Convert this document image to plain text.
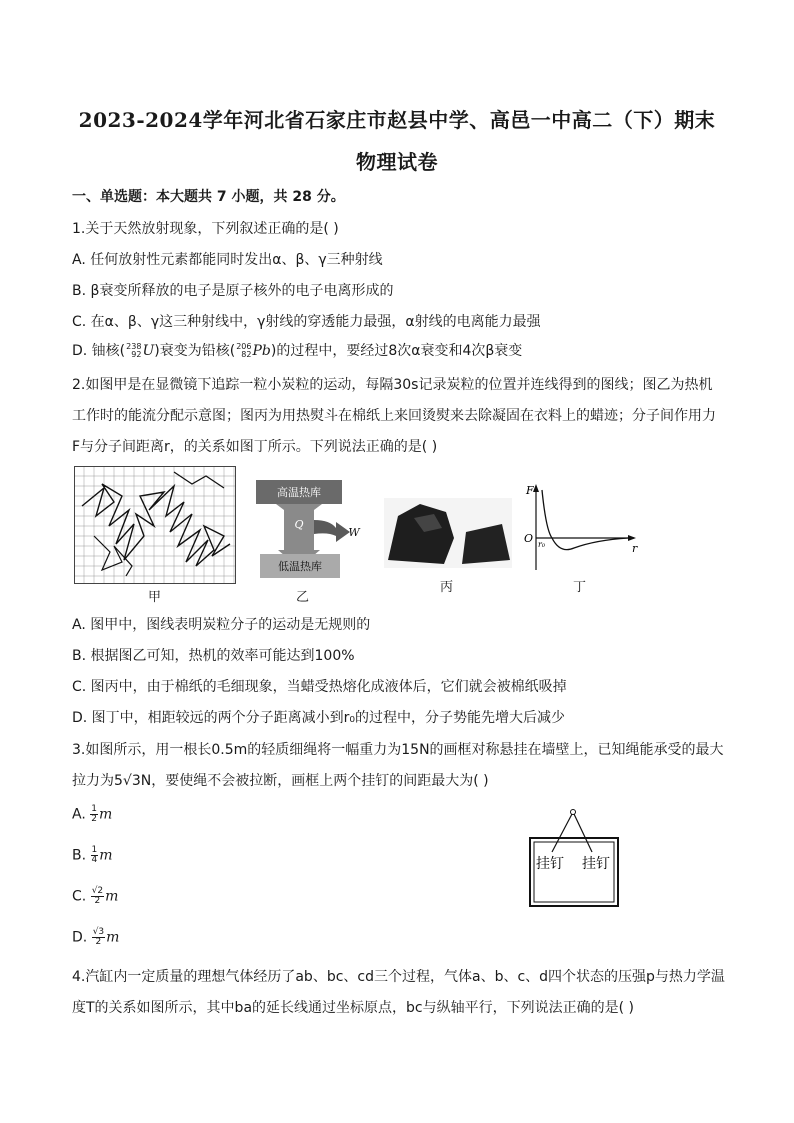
2023-2024学年河北省石家庄市赵县中学、高邑一中高二（下）期末
物理试卷
一、单选题：本大题共 7 小题，共 28 分。
1.关于天然放射现象，下列叙述正确的是( )
A. 任何放射性元素都能同时发出α、β、γ三种射线
B. β衰变所释放的电子是原子核外的电子电离形成的
C. 在α、β、γ这三种射线中，γ射线的穿透能力最强，α射线的电离能力最强
D. 铀核( 238
92 U)衰变为铅核( 206
82 Pb)的过程中，要经过8次α衰变和4次β衰变
2.如图甲是在显微镜下追踪一粒小炭粒的运动，每隔30s记录炭粒的位置并连线得到的图线；图乙为热机
工作时的能流分配示意图；图丙为用热熨斗在棉纸上来回烫熨来去除凝固在衣料上的蜡迹；分子间作用力
F与分子间距离r，的关系如图丁所示。下列说法正确的是( )
甲
高温热库
Q
W
低温热库
乙
丙
F
O r₀	r
丁
A. 图甲中，图线表明炭粒分子的运动是无规则的
B. 根据图乙可知，热机的效率可能达到100%
C. 图丙中，由于棉纸的毛细现象，当蜡受热熔化成液体后，它们就会被棉纸吸掉
D. 图丁中，相距较远的两个分子距离减小到r₀的过程中，分子势能先增大后减少
3.如图所示，用一根长0.5m的轻质细绳将一幅重力为15N的画框对称悬挂在墙壁上，已知绳能承受的最大
拉力为5√3N，要使绳不会被拉断，画框上两个挂钉的间距最大为( )
A. $\frac{1}{2}$ m
B. $\frac{1}{4}$ m
C. $\frac{√2}{2}$ m
D. $\frac{√3}{2}$ m
挂钉 挂钉
4.汽缸内一定质量的理想气体经历了ab、bc、cd三个过程，气体a、b、c、d四个状态的压强p与热力学温
度T的关系如图所示，其中ba的延长线通过坐标原点，bc与纵轴平行，下列说法正确的是( )
